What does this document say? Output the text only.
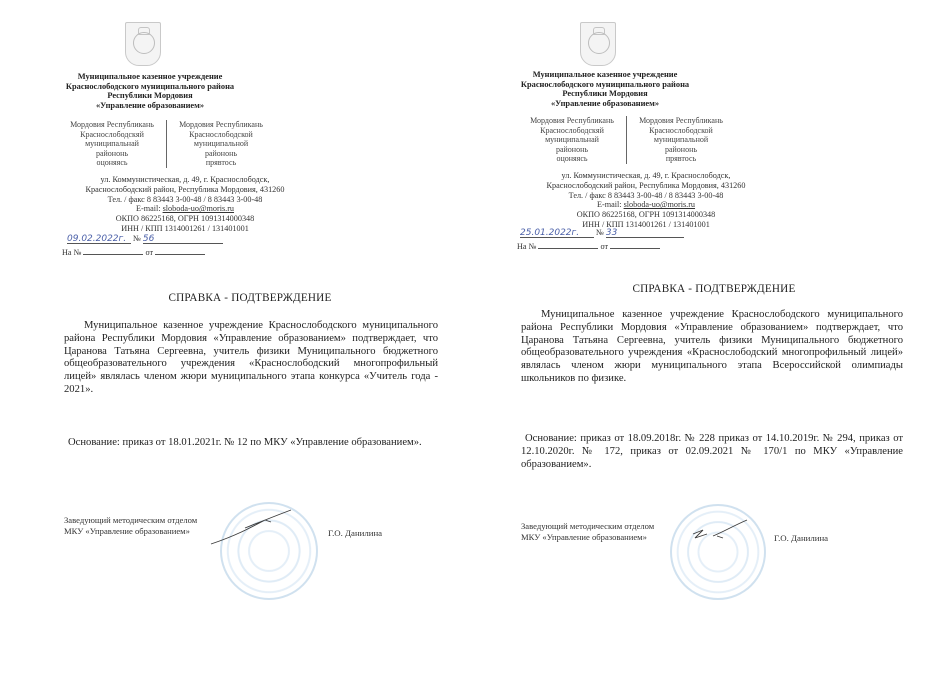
Муниципальное казенное учреждение
Краснослободского муниципального района
Республики Мордовия
«Управление образованием»
Мордовия Республикань
Краснослободскяй
муниципальнай
райононь
оцоняясь
Мордовия Республикань
Краснослободской
муниципальной
райононь
прявтось
ул. Коммунистическая, д. 49, г. Краснослободск,
Краснослободский район, Республика Мордовия, 431260
Тел. / факс 8 83443 3-00-48 / 8 83443 3-00-48
E-mail: sloboda-uo@moris.ru
ОКПО 86225168, ОГРН 1091314000348
ИНН / КПП 1314001261 / 131401001
09.02.2022г. № 56
На №	от
СПРАВКА - ПОДТВЕРЖДЕНИЕ
Муниципальное казенное учреждение Краснослободского муниципального района Республики Мордовия «Управление образованием» подтверждает, что Царанова Татьяна Сергеевна, учитель физики Муниципального бюджетного общеобразовательного учреждения «Краснослободский многопрофильный лицей» являлась членом жюри муниципального этапа конкурса «Учитель года - 2021».
Основание: приказ от 18.01.2021г. № 12 по МКУ «Управление образованием».
Заведующий методическим отделом
МКУ «Управление образованием»	Г.О. Данилина
Муниципальное казенное учреждение
Краснослободского муниципального района
Республики Мордовия
«Управление образованием»
Мордовия Республикань
Краснослободскяй
муниципальнай
райононь
оцоняясь
Мордовия Республикань
Краснослободской
муниципальной
райононь
прявтось
ул. Коммунистическая, д. 49, г. Краснослободск,
Краснослободский район, Республика Мордовия, 431260
Тел. / факс 8 83443 3-00-48 / 8 83443 3-00-48
E-mail: sloboda-uo@moris.ru
ОКПО 86225168, ОГРН 1091314000348
ИНН / КПП 1314001261 / 131401001
25.01.2022г. № 33
На №	от
СПРАВКА - ПОДТВЕРЖДЕНИЕ
Муниципальное казенное учреждение Краснослободского муниципального района Республики Мордовия «Управление образованием» подтверждает, что Царанова Татьяна Сергеевна, учитель физики Муниципального бюджетного общеобразовательного учреждения «Краснослободский многопрофильный лицей» являлась членом жюри муниципального этапа Всероссийской олимпиады школьников по физике.
Основание: приказ от 18.09.2018г. № 228 приказ от 14.10.2019г. № 294, приказ от 12.10.2020г. № 172, приказ от 02.09.2021 № 170/1 по МКУ «Управление образованием».
Заведующий методическим отделом
МКУ «Управление образованием»	Г.О. Данилина
